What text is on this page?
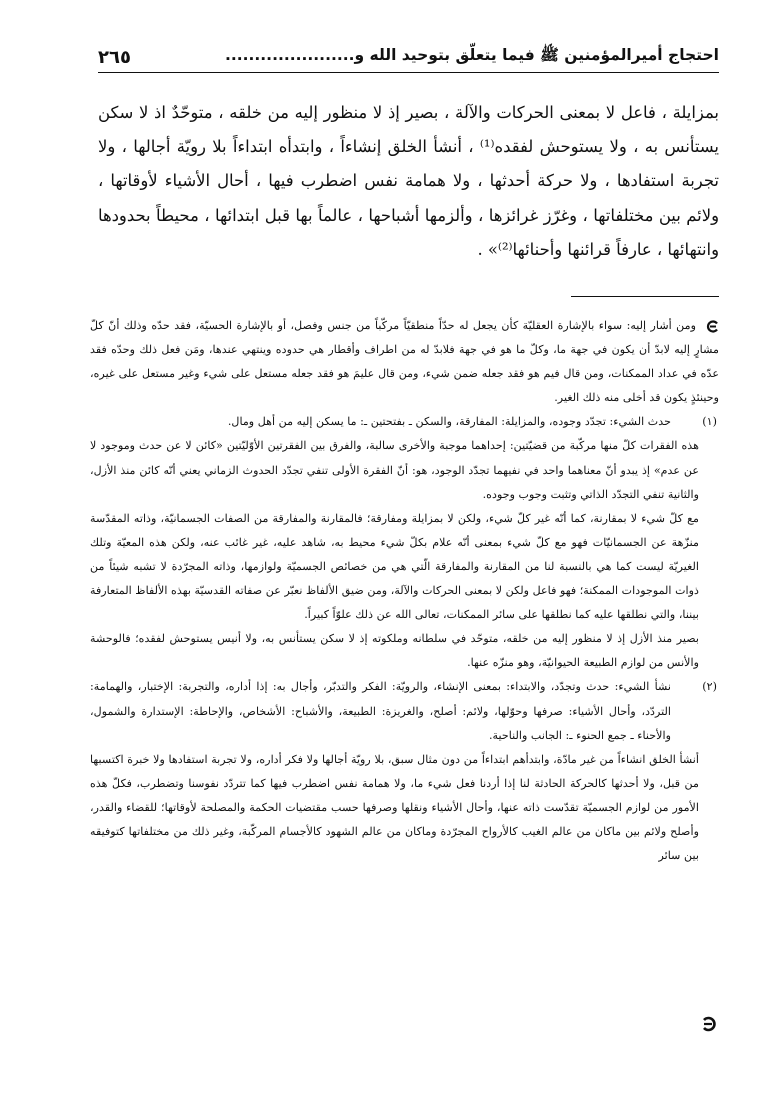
احتجاج أميرالمؤمنين ﷺ فيما يتعلّق بتوحيد الله و......................
٢٦٥

بمزايلة ، فاعل لا بمعنى الحركات والآلة ، بصير إذ لا منظور إليه من خلقه ، متوحّدٌ اذ لا سكن يستأنس به ، ولا يستوحش لفقده⁽¹⁾ ، أنشأ الخلق إنشاءاً ، وابتدأه ابتداءاً بلا رويّة أجالها ، ولا تجربة استفادها ، ولا حركة أحدثها ، ولا همامة نفس اضطرب فيها ، أحال الأشياء لأوقاتها ، ولائم بين مختلفاتها ، وغرّز غرائزها ، وألزمها أشباحها ، عالماً بها قبل ابتدائها ، محيطاً بحدودها وانتهائها ، عارفاً قرائنها وأحنائها⁽²⁾» .

ومن أشار إليه: سواء بالإشارة العقليّة كأن يجعل له حدّاً منطقيّاً مركّباً من جنس وفصل، أو بالإشارة الحسيّة، فقد حدّه وذلك أنّ كلّ مشارٍ إليه لابدّ أن يكون في جهة ما، وكلّ ما هو في جهة فلابدّ له من اطراف وأقطار هي حدوده وينتهي عندها، ومَن فعل ذلك وحدّه فقد عدّه في عداد الممكنات، ومن قال فيم هو فقد جعله ضمن شيء، ومن قال عليمَ هو فقد جعله مستعل على شيء وغير مستعل على غيره، وحينئذٍ يكون قد أخلى منه ذلك الغير.

(١)

حدث الشيء: تجدّد وجوده، والمزايلة: المفارقة، والسكن ـ بفتحتين ـ: ما يسكن إليه من أهل ومال.

هذه الفقرات كلّ منها مركّبة من قضيّتين: إحداهما موجبة والأخرى سالبة، والفرق بين الفقرتين الأوّليّتين «كائن لا عن حدث وموجود لا عن عدم» إذ يبدو أنّ معناهما واحد في نفيهما تجدّد الوجود، هو: أنّ الفقرة الأولى تنفي تجدّد الحدوث الزماني يعني أنّه كائن منذ الأزل، والثانية تنفي التجدّد الذاتي وتثبت وجوب وجوده.

مع كلّ شيء لا بمقارنة، كما أنّه غير كلّ شيء، ولكن لا بمزايلة ومفارقة؛ فالمقارنة والمفارقة من الصفات الجسمانيّة، وذاته المقدّسة منزّهة عن الجسمانيّات فهو مع كلّ شيء بمعنى أنّه علام بكلّ شيء محيط به، شاهد عليه، غير غائب عنه، ولكن هذه المعيّة وتلك الغيريّة ليست كما هي بالنسبة لنا من المقارنة والمفارقة الّتي هي من خصائص الجسميّة ولوازمها، وذاته المجرّدة لا تشبه شيئاً من ذوات الموجودات الممكنة؛ فهو فاعل ولكن لا بمعنى الحركات والآلة، ومن ضيق الألفاظ نعبّر عن صفاته القدسيّة بهذه الألفاظ المتعارفة بيننا، والتي نطلقها عليه كما نطلقها على سائر الممكنات، تعالى الله عن ذلك علوّاً كبيراً.

بصير منذ الأزل إذ لا منظور إليه من خلقه، متوحّد في سلطانه وملكوته إذ لا سكن يستأنس به، ولا أنيس يستوحش لفقده؛ فالوحشة والأنس من لوازم الطبيعة الحيوانيّة، وهو منزّه عنها.

(٢)

نشأ الشيء: حدث وتجدّد، والابتداء: بمعنى الإنشاء، والرويّة: الفكر والتدبّر، وأجال به: إذا أداره، والتجربة: الإختبار، والهمامة: التردّد، وأحال الأشياء: صرفها وحوّلها، ولائم: أصلح، والغريزة: الطبيعة، والأشباح: الأشخاص، والإحاطة: الإستدارة والشمول، والأحناء ـ جمع الحنوء ـ: الجانب والناحية.

أنشأ الخلق انشاءاً من غير مادّة، وابتدأهم ابتداءاً من دون مثال سبق، بلا رويّة أجالها ولا فكر أداره، ولا تجربة استفادها ولا خبرة اكتسبها من قبل، ولا أحدثها كالحركة الحادثة لنا إذا أردنا فعل شيء ما، ولا همامة نفس اضطرب فيها كما تتردّد نفوسنا وتضطرب، فكلّ هذه الأمور من لوازم الجسميّة تقدّست ذاته عنها، وأحال الأشياء ونقلها وصرفها حسب مقتضيات الحكمة والمصلحة لأوقاتها؛ للقضاء والقدر، وأصلح ولائم بين ماكان من عالم الغيب كالأرواح المجرّدة وماكان من عالم الشهود كالأجسام المركّبة، وغير ذلك من مختلفاتها كتوفيقه بين سائر
